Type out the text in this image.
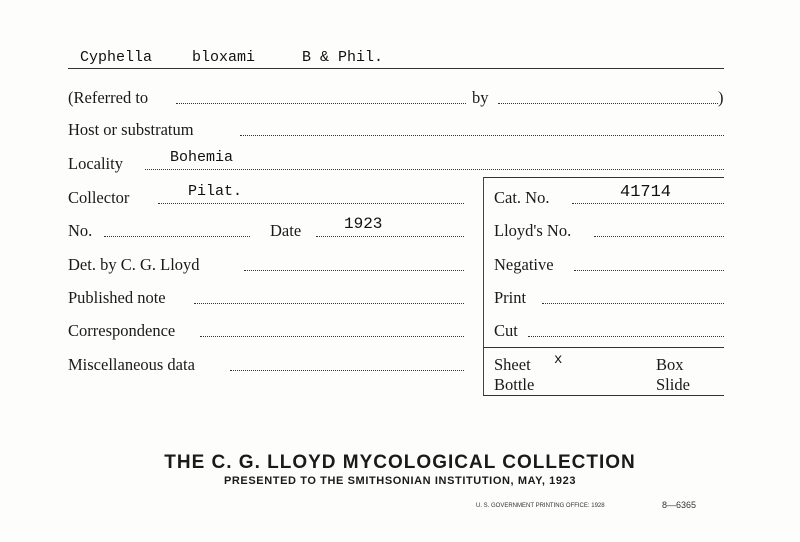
Cyphella	bloxami	B & Phil.
(Referred to	by	)
Host or substratum
Locality	Bohemia
Collector	Pilat.	Cat. No.	41714
No.	Date	1923	Lloyd's No.
Det. by C. G. Lloyd	Negative
Published note	Print
Correspondence	Cut
Miscellaneous data	Sheet x	Box
Bottle	Slide
THE C. G. LLOYD MYCOLOGICAL COLLECTION
PRESENTED TO THE SMITHSONIAN INSTITUTION, MAY, 1923
U. S. GOVERNMENT PRINTING OFFICE: 1928	8—6365
